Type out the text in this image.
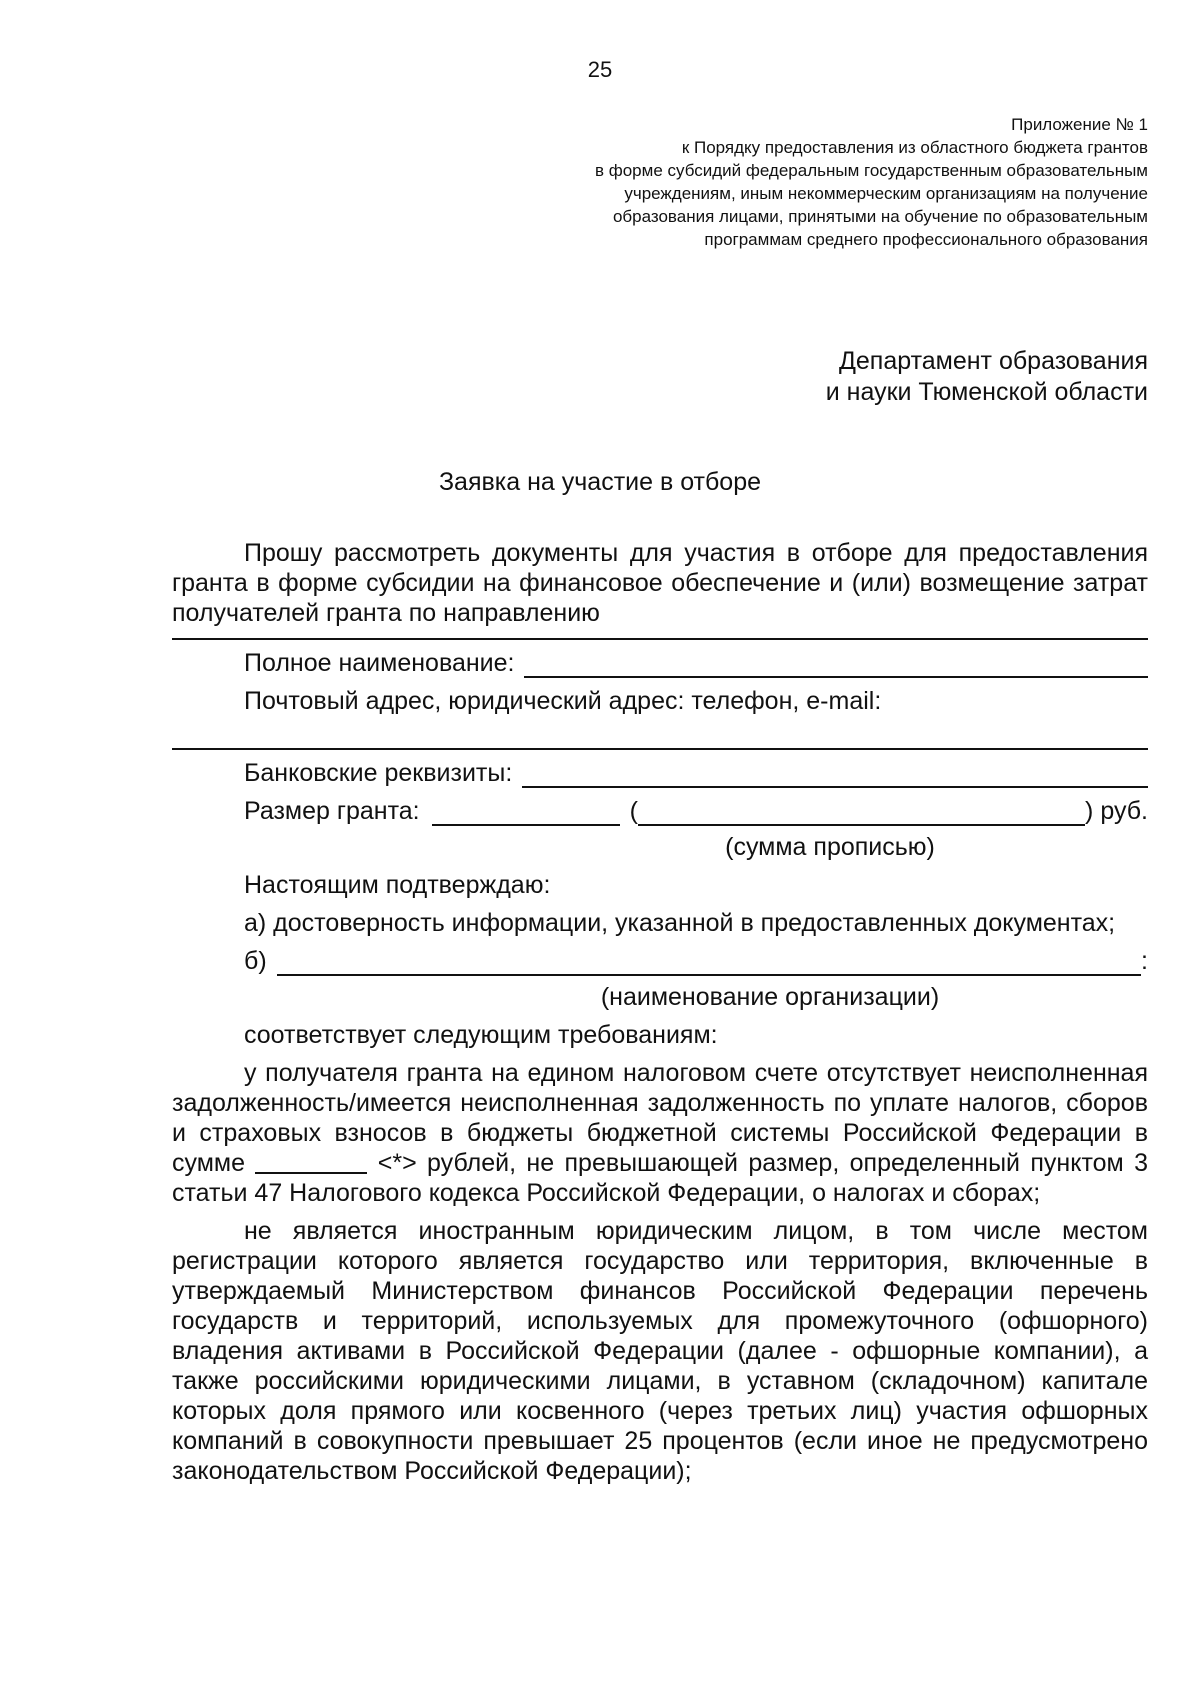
25
Приложение № 1
к Порядку предоставления из областного бюджета грантов
в форме субсидий федеральным государственным образовательным
учреждениям, иным некоммерческим организациям на получение
образования лицами, принятыми на обучение по образовательным
программам среднего профессионального образования
Департамент образования
и науки Тюменской области
Заявка на участие в отборе

Прошу рассмотреть документы для участия в отборе для предоставления гранта в форме субсидии на финансовое обеспечение и (или) возмещение затрат получателей гранта по направлению

Полное наименование:

Почтовый адрес, юридический адрес: телефон, e-mail:

Банковские реквизиты:
Размер гранта:	(	) руб.
(сумма прописью)

Настоящим подтверждаю:

а) достоверность информации, указанной в предоставленных документах;

б)	:
(наименование организации)

соответствует следующим требованиям:

у получателя гранта на едином налоговом счете отсутствует неисполненная задолженность/имеется неисполненная задолженность по уплате налогов, сборов и страховых взносов в бюджеты бюджетной системы Российской Федерации в сумме	<*> рублей, не превышающей размер, определенный пунктом 3 статьи 47 Налогового кодекса Российской Федерации, о налогах и сборах;

не является иностранным юридическим лицом, в том числе местом регистрации которого является государство или территория, включенные в утверждаемый Министерством финансов Российской Федерации перечень государств и территорий, используемых для промежуточного (офшорного) владения активами в Российской Федерации (далее - офшорные компании), а также российскими юридическими лицами, в уставном (складочном) капитале которых доля прямого или косвенного (через третьих лиц) участия офшорных компаний в совокупности превышает 25 процентов (если иное не предусмотрено законодательством Российской Федерации);
